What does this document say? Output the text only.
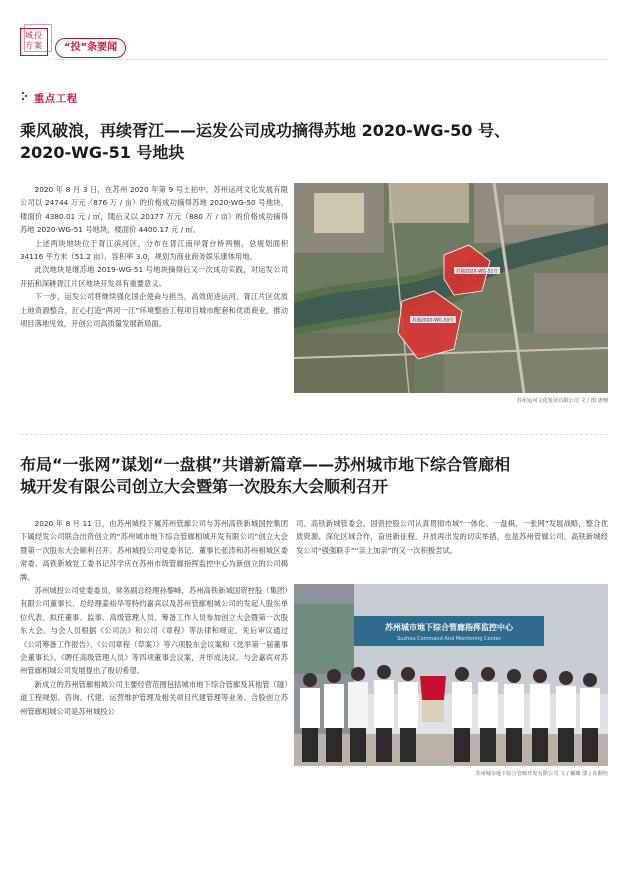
城投
方案	“投”条要闻
重点工程
乘风破浪，再续胥江——运发公司成功摘得苏地 2020-WG-50 号、
2020-WG-51 号地块

2020 年 8 月 3 日，在苏州 2020 年第 9 号土拍中，苏州运河文化发展有限公司以 24744 万元（876 万 / 亩）的价格成功摘得苏地 2020-WG-50 号地块，楼面价 4380.01 元 / ㎡，随后又以 20177 万元（880 万 / 亩）的价格成功摘得苏地 2020-WG-51 号地块，楼面价 4400.17 元 / ㎡。

上述两块地块位于胥江滨河区，分布在胥江南岸胥台桥两侧，总规划面积 34116 平方米（51.2 亩），容积率 3.0，规划为商业商务娱乐康体用地。

此次地块是继苏地 2019-WG-51 号地块摘得后又一次成功实践，对运发公司开拓和深耕胥江片区地块开发具有重要意义。

下一步，运发公司将继续强化国企使命与担当，高效促进运河、胥江片区优质土地资源整合，匠心打造“两河一江”环境整治工程项目城市配套和优质商业，推动项目落地见效，开创公司高质量发展新局面。

苏地2020-WG-51号
苏地2020-WG-50号
苏州运河文化发展有限公司 文 / 图 唐珊
布局“一张网”谋划“一盘棋”共谱新篇章——苏州城市地下综合管廊相
城开发有限公司创立大会暨第一次股东大会顺利召开

2020 年 8 月 11 日，由苏州城投下属苏州管廊公司与苏州高铁新城国控集团下属经发公司联合出资创立的“苏州城市地下综合管廊相城开发有限公司”创立大会暨第一次股东大会顺利召开。苏州城投公司党委书记、董事长张涛和苏州相城区委常委、高铁新城党工委书记苏学庆在苏州市级管廊指挥监控中心为新创立的公司揭牌。

苏州城投公司党委委员、常务副总经理孙黎峰，苏州高铁新城国资控股（集团）有限公司董事长、总经理姜裕华等特约嘉宾以及苏州管廊相城公司的发起人股东单位代表、拟任董事、监事、高级管理人员、筹备工作人员参加创立大会暨第一次股东大会。与会人员根据《公司法》和公司《章程》等法律和规定，先后审议通过《公司筹备工作报告》、《公司章程（草案）》等六项股东会议案和《选举第一届董事会董事长》、《聘任高级管理人员》等四项董事会议案，并形成决议。与会嘉宾对苏州管廊相城公司发展提出了殷切希望。

新成立的苏州管廊相城公司主要经营范围包括城市地下综合管廊及其他管（隧）道工程规划、咨询、代建、运营维护管理及相关项目代建管理等业务。合股创立苏州管廊相城公司是苏州城投公

司、高铁新城管委会、国资控股公司认真贯彻市域“一体化、一盘棋、一张网”发展战略，整合优质资源、深化区域合作，奋进新征程，开放再出发的切实举措，也是苏州管廊公司、高铁新城经发公司“强强联手”“亲上加亲”的又一次积极尝试。

苏州城市地下综合管廊指挥监控中心
Suzhou Command And Monitoring Center
苏州城市地下综合管廊开发有限公司 文 / 戴臻 图 / 许顺怡
